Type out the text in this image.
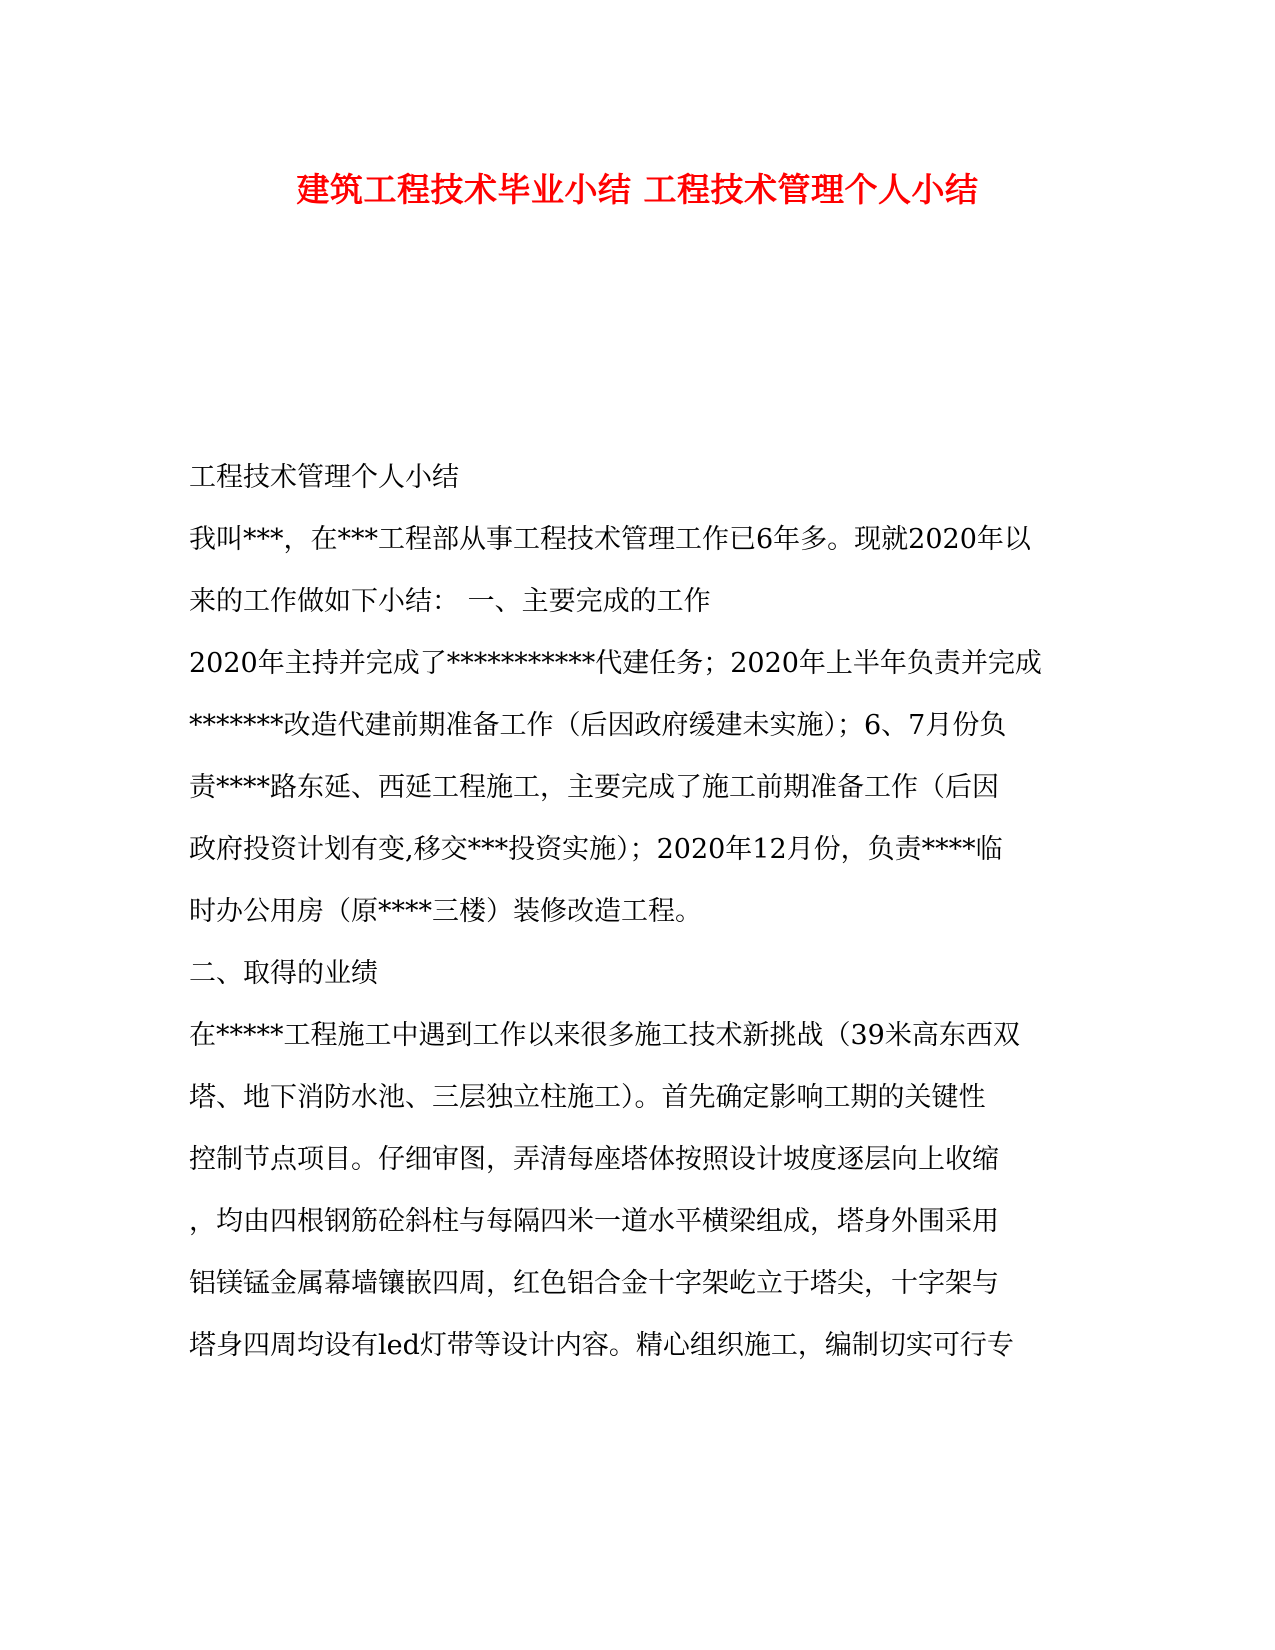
建筑工程技术毕业小结 工程技术管理个人小结
工程技术管理个人小结
我叫***，在***工程部从事工程技术管理工作已6年多。现就2020年以
来的工作做如下小结： 一、主要完成的工作
2020年主持并完成了***********代建任务；2020年上半年负责并完成
*******改造代建前期准备工作（后因政府缓建未实施）；6、7月份负
责****路东延、西延工程施工，主要完成了施工前期准备工作（后因
政府投资计划有变,移交***投资实施）；2020年12月份，负责****临
时办公用房（原****三楼）装修改造工程。
二、取得的业绩
在*****工程施工中遇到工作以来很多施工技术新挑战（39米高东西双
塔、地下消防水池、三层独立柱施工）。首先确定影响工期的关键性
控制节点项目。仔细审图，弄清每座塔体按照设计坡度逐层向上收缩
，均由四根钢筋砼斜柱与每隔四米一道水平横梁组成，塔身外围采用
铝镁锰金属幕墙镶嵌四周，红色铝合金十字架屹立于塔尖，十字架与
塔身四周均设有led灯带等设计内容。精心组织施工，编制切实可行专
